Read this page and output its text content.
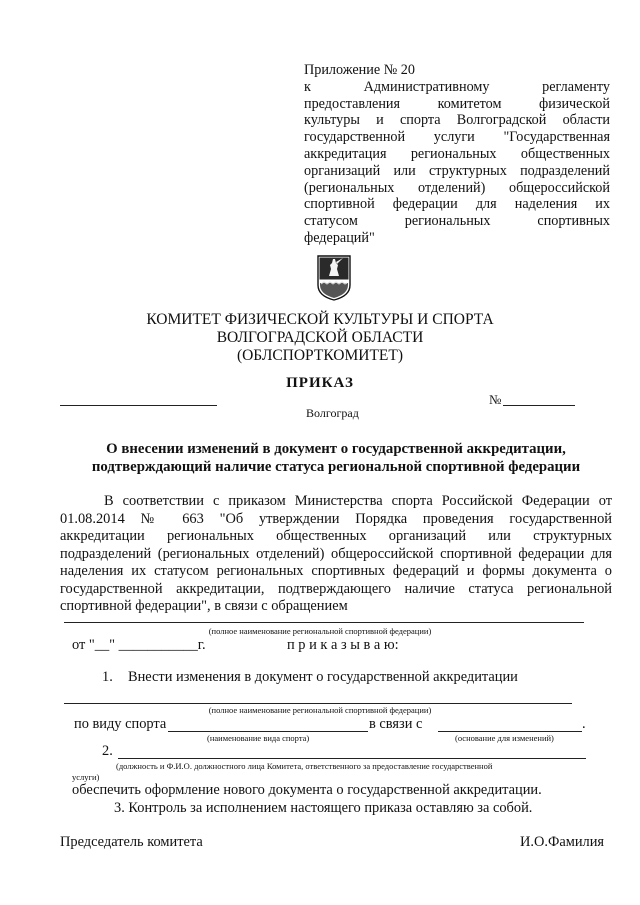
Приложение № 20
к Административному регламенту
предоставления комитетом физической
культуры и спорта Волгоградской области
государственной услуги "Государственная
аккредитация региональных общественных
организаций или структурных подразделений
(региональных отделений) общероссийской
спортивной федерации для наделения их
статусом региональных спортивных
федераций"
КОМИТЕТ ФИЗИЧЕСКОЙ КУЛЬТУРЫ И СПОРТА
ВОЛГОГРАДСКОЙ ОБЛАСТИ
(ОБЛСПОРТКОМИТЕТ)
ПРИКАЗ
№
Волгоград
О внесении изменений в документ о государственной аккредитации,
подтверждающий наличие статуса региональной спортивной федерации
В соответствии с приказом Министерства спорта Российской Федерации от
01.08.2014 № 663 "Об утверждении Порядка проведения государственной
аккредитации региональных общественных организаций или структурных
подразделений (региональных отделений) общероссийской спортивной федерации для
наделения их статусом региональных спортивных федераций и формы документа о
государственной аккредитации, подтверждающего наличие статуса региональной
спортивной федерации", в связи с обращением
(полное наименование региональной спортивной федерации)
от "__" ___________г.	п р и к а з ы в а ю:
1. Внести изменения в документ о государственной аккредитации
(полное наименование региональной спортивной федерации)
по виду спорта	в связи с	.
(наименование вида спорта)	(основание для изменений)
2.
(должность и Ф.И.О. должностного лица Комитета, ответственного за предоставление государственной
услуги)
обеспечить оформление нового документа о государственной аккредитации.
3. Контроль за исполнением настоящего приказа оставляю за собой.
Председатель комитета	И.О.Фамилия
